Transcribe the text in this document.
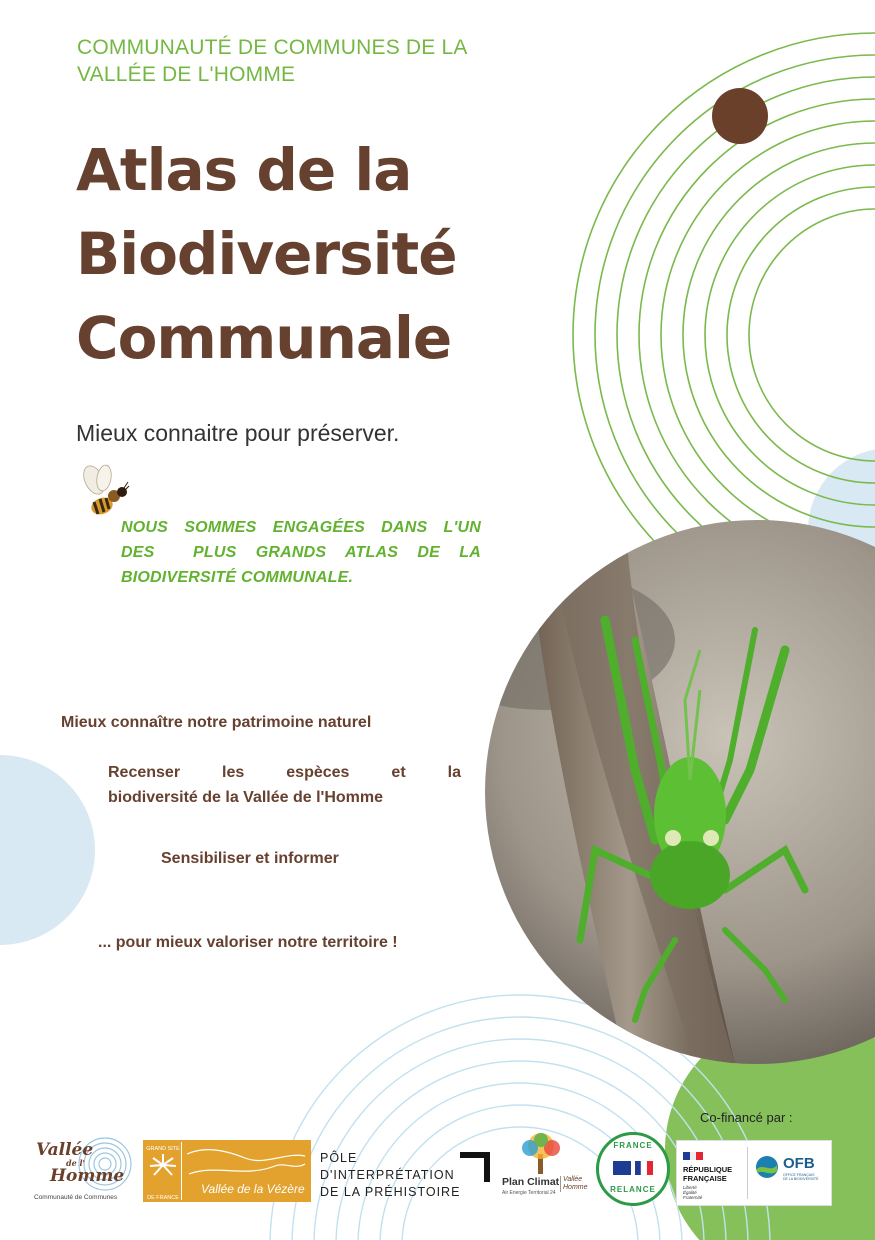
COMMUNAUTÉ DE COMMUNES DE LA
VALLÉE DE L'HOMME
Atlas de la
Biodiversité
Communale
Mieux connaitre pour préserver.
NOUS SOMMES ENGAGÉES DANS L'UN
DES  PLUS GRANDS ATLAS DE LA
BIODIVERSITÉ COMMUNALE.
Mieux connaître notre patrimoine naturel
Recenser les espèces et la
biodiversité de la Vallée de l'Homme
Sensibiliser et informer
... pour mieux valoriser notre territoire !
Vallée
de l'
Homme
Communauté de Communes
GRAND SITE
DE FRANCE
Vallée de la Vézère
PÔLE
D'INTERPRÉTATION
DE LA PRÉHISTOIRE
Plan Climat
Air Energie Territorial 24
Vallée
Homme
FRANCE
RELANCE
Co-financé par :
RÉPUBLIQUE
FRANÇAISE
Liberté
Égalité
Fraternité
OFB
OFFICE FRANÇAIS
DE LA BIODIVERSITÉ
